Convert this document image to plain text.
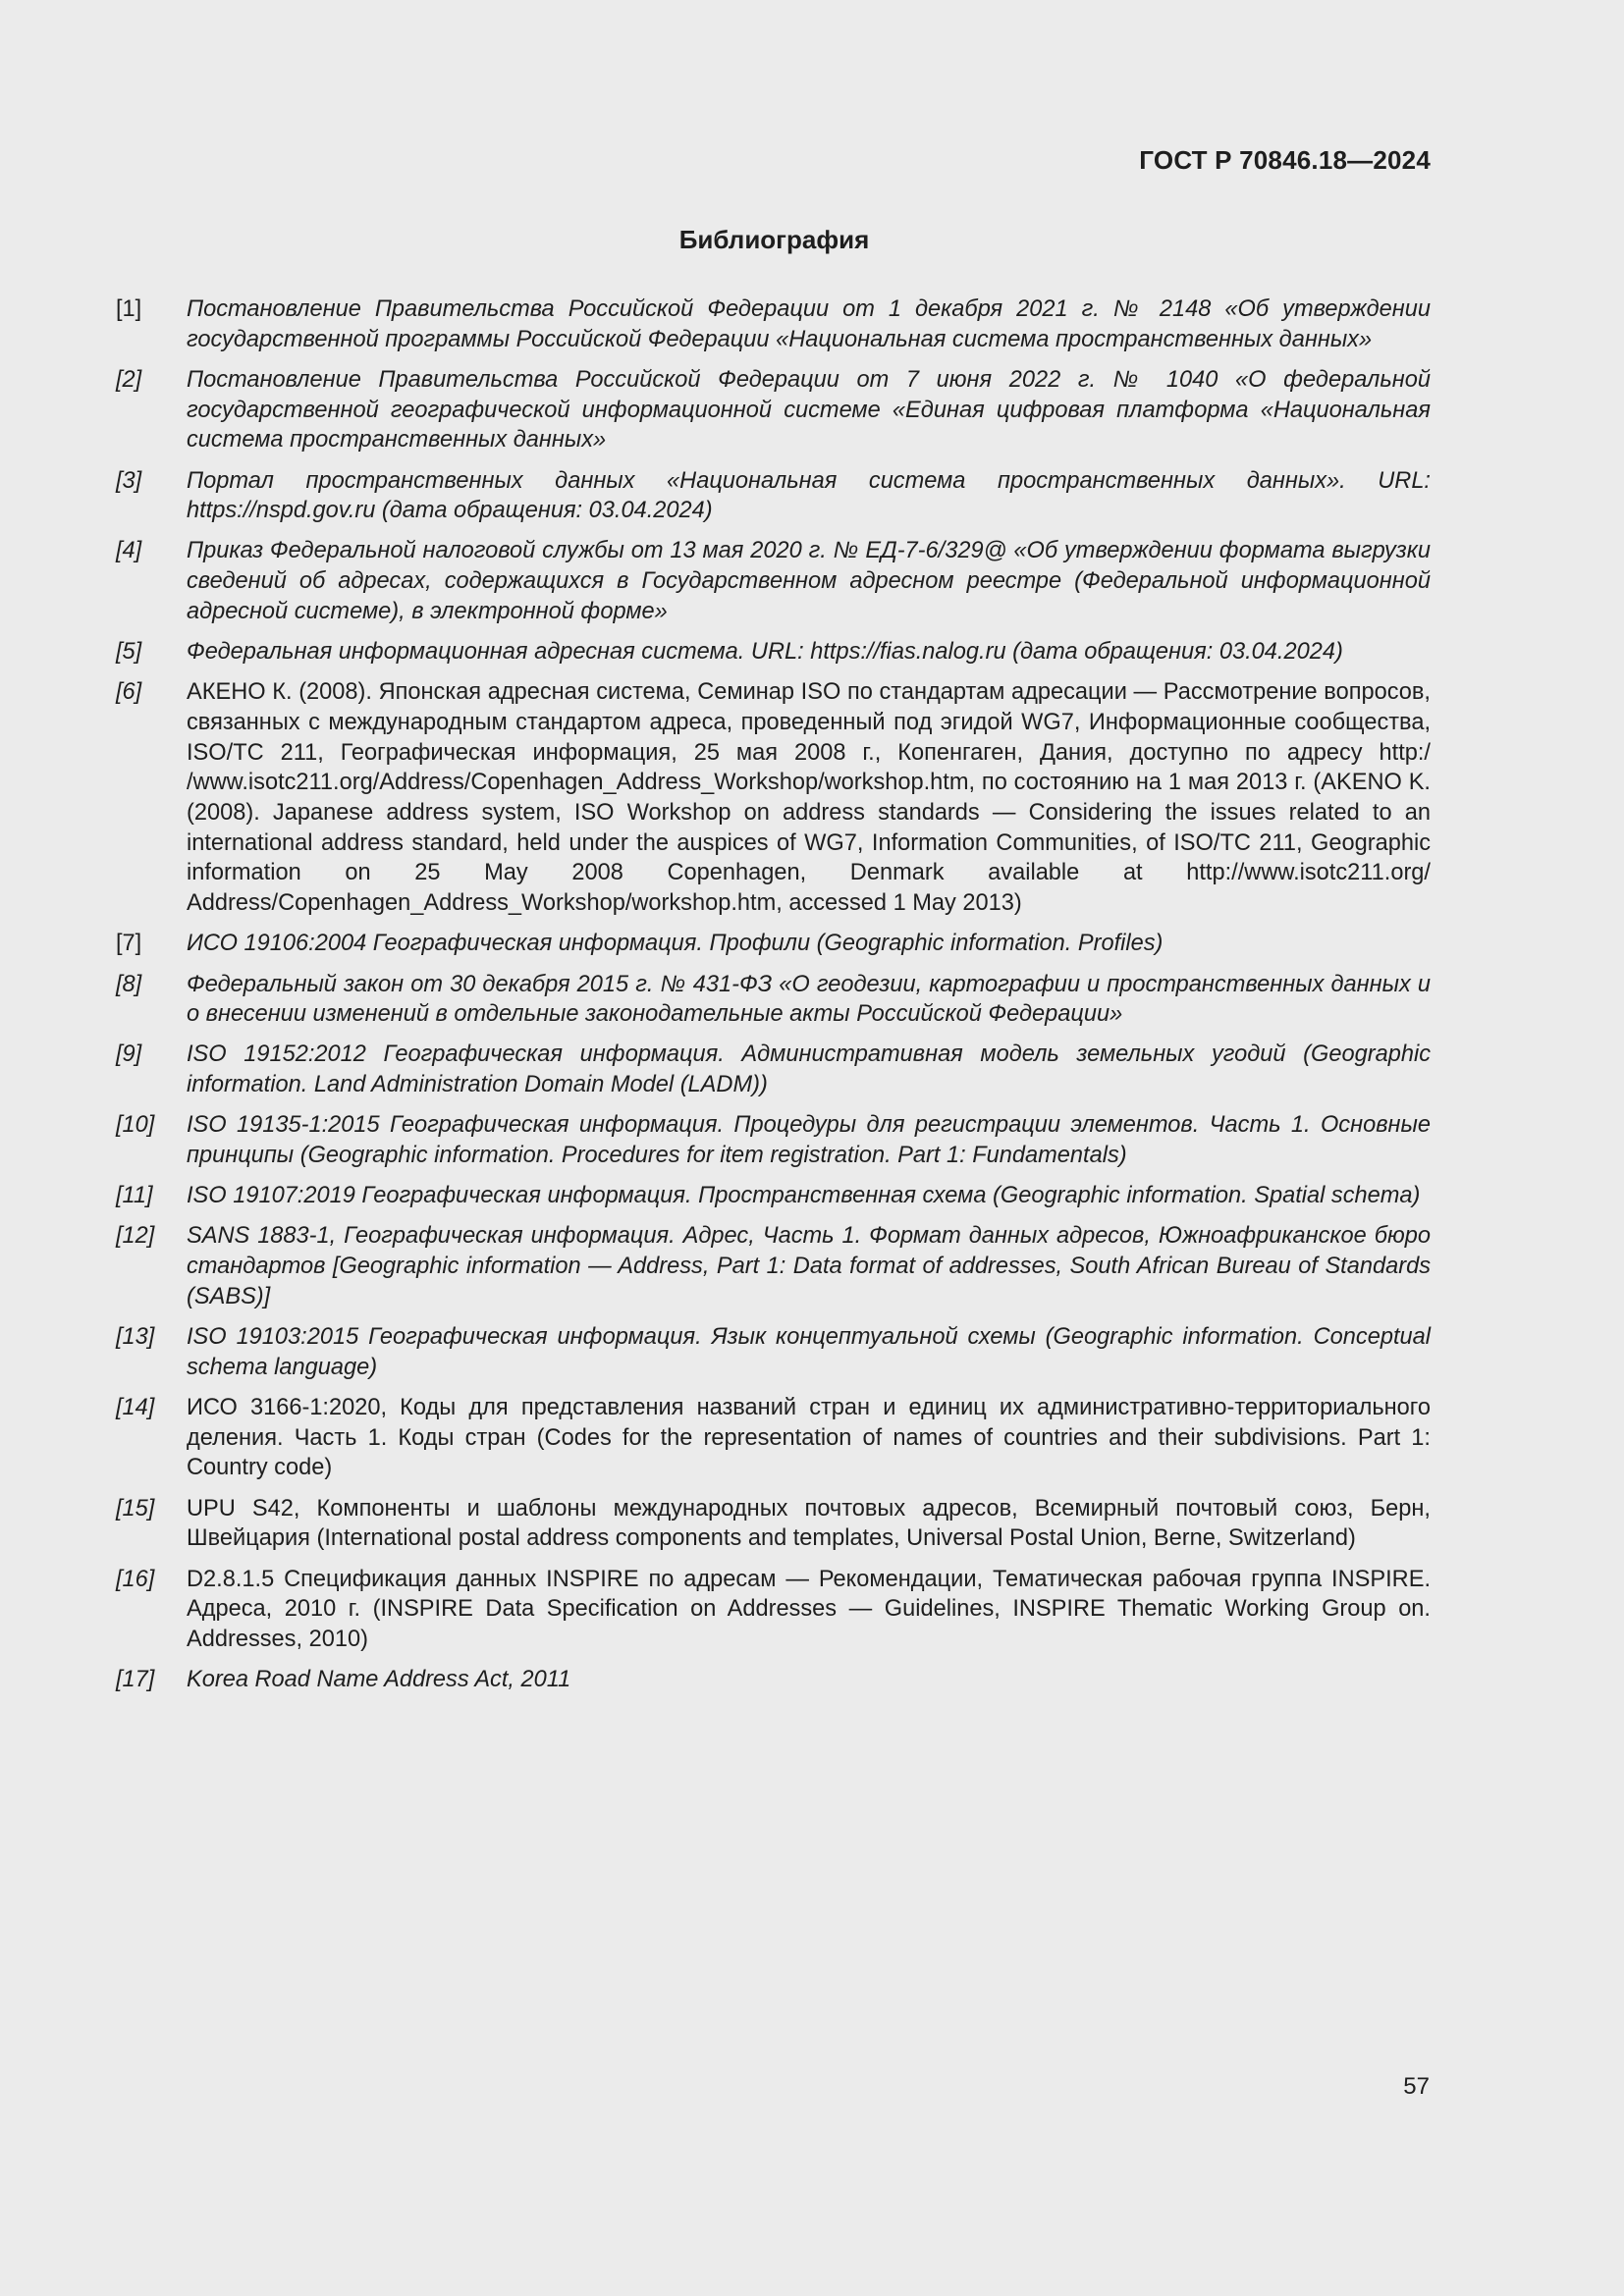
ГОСТ Р 70846.18—2024
Библиография
[1] Постановление Правительства Российской Федерации от 1 декабря 2021 г. № 2148 «Об утверждении государственной программы Российской Федерации «Национальная система пространственных данных»
[2] Постановление Правительства Российской Федерации от 7 июня 2022 г. № 1040 «О федеральной государственной географической информационной системе «Единая цифровая платформа «Национальная система пространственных данных»
[3] Портал пространственных данных «Национальная система пространственных данных». URL: https://nspd.gov.ru (дата обращения: 03.04.2024)
[4] Приказ Федеральной налоговой службы от 13 мая 2020 г. № ЕД-7-6/329@ «Об утверждении формата выгрузки сведений об адресах, содержащихся в Государственном адресном реестре (Федеральной информационной адресной системе), в электронной форме»
[5] Федеральная информационная адресная система. URL: https://fias.nalog.ru (дата обращения: 03.04.2024)
[6] АКЕНО К. (2008). Японская адресная система, Семинар ISO по стандартам адресации — Рассмотрение вопросов, связанных с международным стандартом адреса, проведенный под эгидой WG7, Информационные сообщества, ISO/TC 211, Географическая информация, 25 мая 2008 г., Копенгаген, Дания, доступно по адресу http:/ /www.isotc211.org/Address/Copenhagen_Address_Workshop/workshop.htm, по состоянию на 1 мая 2013 г. (AKENO K. (2008). Japanese address system, ISO Workshop on address standards — Considering the issues related to an international address standard, held under the auspices of WG7, Information Communities, of ISO/TC 211, Geographic information on 25 May 2008 Copenhagen, Denmark available at http://www.isotc211.org/ Address/Copenhagen_Address_Workshop/workshop.htm, accessed 1 May 2013)
[7] ИСО 19106:2004 Географическая информация. Профили (Geographic information. Profiles)
[8] Федеральный закон от 30 декабря 2015 г. № 431-ФЗ «О геодезии, картографии и пространственных данных и о внесении изменений в отдельные законодательные акты Российской Федерации»
[9] ISO 19152:2012 Географическая информация. Административная модель земельных угодий (Geographic information. Land Administration Domain Model (LADM))
[10] ISO 19135-1:2015 Географическая информация. Процедуры для регистрации элементов. Часть 1. Основные принципы (Geographic information. Procedures for item registration. Part 1: Fundamentals)
[11] ISO 19107:2019 Географическая информация. Пространственная схема (Geographic information. Spatial schema)
[12] SANS 1883-1, Географическая информация. Адрес, Часть 1. Формат данных адресов, Южноафриканское бюро стандартов [Geographic information — Address, Part 1: Data format of addresses, South African Bureau of Standards (SABS)]
[13] ISO 19103:2015 Географическая информация. Язык концептуальной схемы (Geographic information. Conceptual schema language)
[14] ИСО 3166-1:2020, Коды для представления названий стран и единиц их административно-территориального деления. Часть 1. Коды стран (Codes for the representation of names of countries and their subdivisions. Part 1: Country code)
[15] UPU S42, Компоненты и шаблоны международных почтовых адресов, Всемирный почтовый союз, Берн, Швейцария (International postal address components and templates, Universal Postal Union, Berne, Switzerland)
[16] D2.8.1.5 Спецификация данных INSPIRE по адресам — Рекомендации, Тематическая рабочая группа INSPIRE. Адреса, 2010 г. (INSPIRE Data Specification on Addresses — Guidelines, INSPIRE Thematic Working Group on. Addresses, 2010)
[17] Korea Road Name Address Act, 2011
57
